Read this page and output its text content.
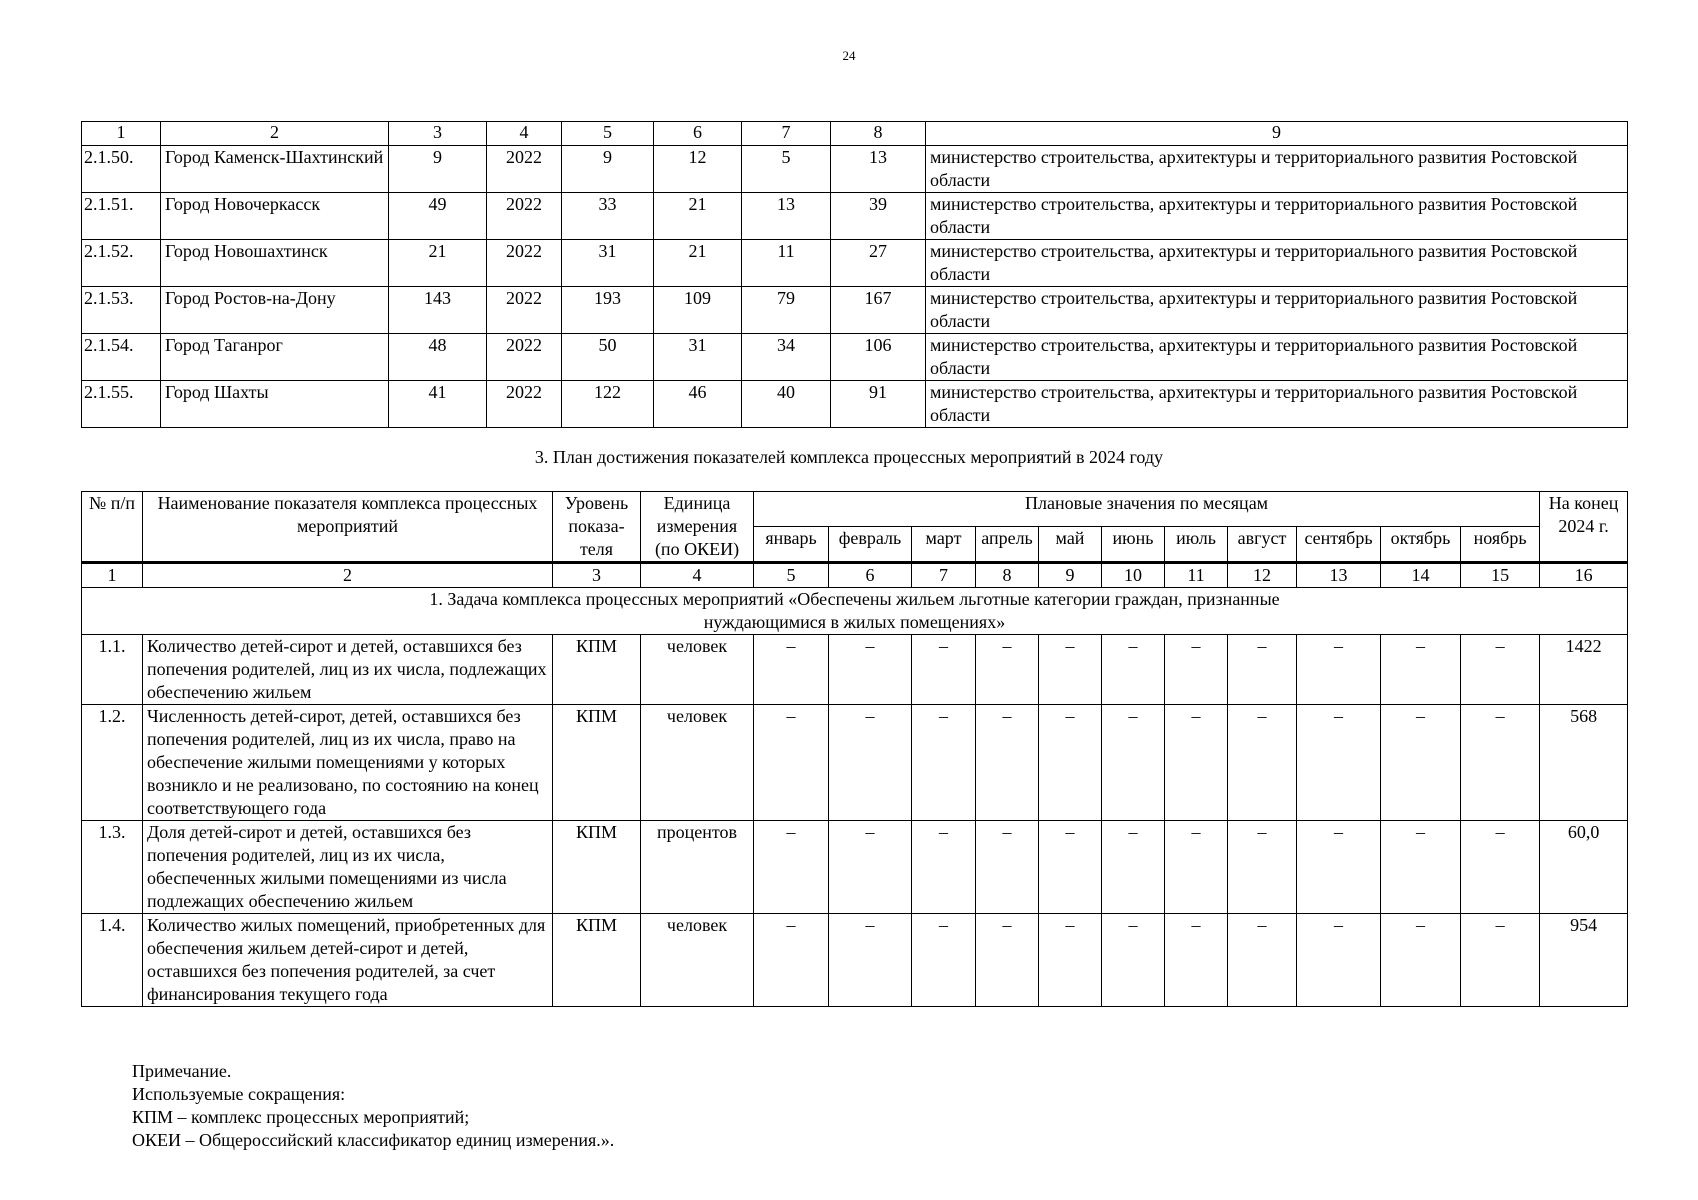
24
1	2	3	4	5	6	7	8	9
2.1.50.	Город Каменск-Шахтинский	9	2022	9	12	5	13	министерство строительства, архитектуры и территориального развития Ростовской области
2.1.51.	Город Новочеркасск	49	2022	33	21	13	39	министерство строительства, архитектуры и территориального развития Ростовской области
2.1.52.	Город Новошахтинск	21	2022	31	21	11	27	министерство строительства, архитектуры и территориального развития Ростовской области
2.1.53.	Город Ростов-на-Дону	143	2022	193	109	79	167	министерство строительства, архитектуры и территориального развития Ростовской области
2.1.54.	Город Таганрог	48	2022	50	31	34	106	министерство строительства, архитектуры и территориального развития Ростовской области
2.1.55.	Город Шахты	41	2022	122	46	40	91	министерство строительства, архитектуры и территориального развития Ростовской области
3. План достижения показателей комплекса процессных мероприятий в 2024 году
№ п/п	Наименование показателя комплекса процессных мероприятий	Уровень показа-теля	Единица измерения (по ОКЕИ)	Плановые значения по месяцам											На конец 2024 г.
				январь	февраль	март	апрель	май	июнь	июль	август	сентябрь	октябрь	ноябрь	
1	2	3	4	5	6	7	8	9	10	11	12	13	14	15	16
1. Задача комплекса процессных мероприятий «Обеспечены жильем льготные категории граждан, признанные нуждающимися в жилых помещениях»															
1.1.	Количество детей-сирот и детей, оставшихся без попечения родителей, лиц из их числа, подлежащих обеспечению жильем	КПМ	человек	–	–	–	–	–	–	–	–	–	–	–	1422
1.2.	Численность детей-сирот, детей, оставшихся без попечения родителей, лиц из их числа, право на обеспечение жилыми помещениями у которых возникло и не реализовано, по состоянию на конец соответствующего года	КПМ	человек	–	–	–	–	–	–	–	–	–	–	–	568
1.3.	Доля детей-сирот и детей, оставшихся без попечения родителей, лиц из их числа, обеспеченных жилыми помещениями из числа подлежащих обеспечению жильем	КПМ	процентов	–	–	–	–	–	–	–	–	–	–	–	60,0
1.4.	Количество жилых помещений, приобретенных для обеспечения жильем детей-сирот и детей, оставшихся без попечения родителей, за счет финансирования текущего года	КПМ	человек	–	–	–	–	–	–	–	–	–	–	–	954
Примечание.
Используемые сокращения:
КПМ – комплекс процессных мероприятий;
ОКЕИ – Общероссийский классификатор единиц измерения.».
